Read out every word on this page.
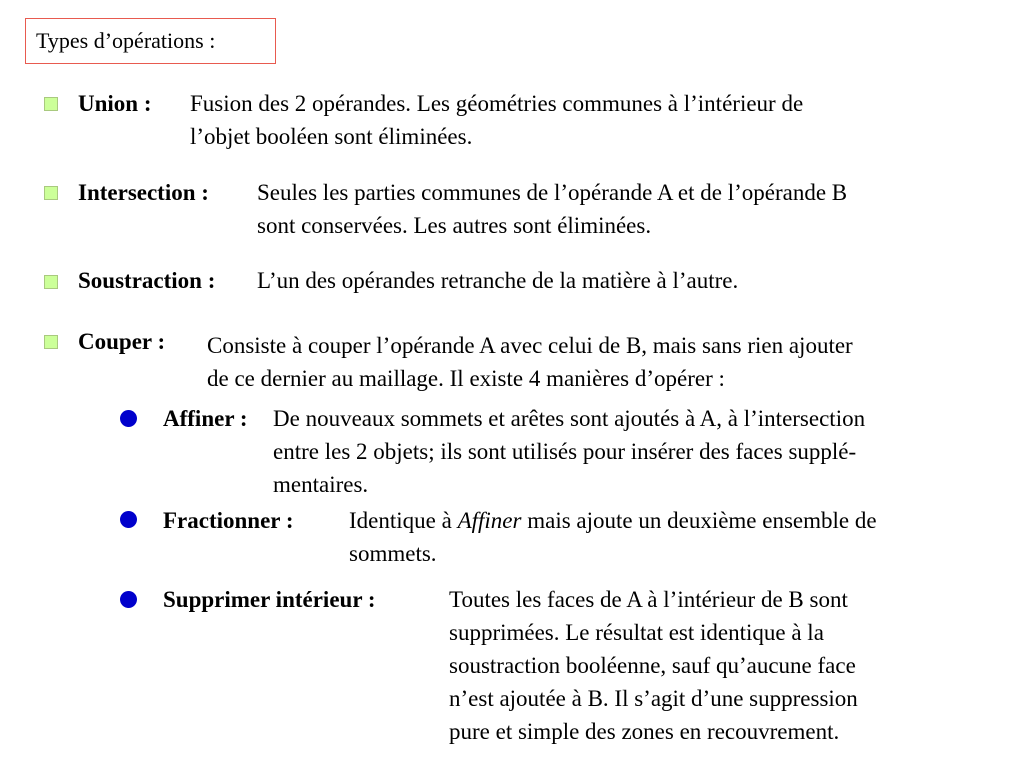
Types d’opérations :
Union : Fusion des 2 opérandes. Les géométries communes à l’intérieur de
l’objet booléen sont éliminées.
Intersection : Seules les parties communes de l’opérande A et de l’opérande B
sont conservées. Les autres sont éliminées.
Soustraction : L’un des opérandes retranche de la matière à l’autre.
Couper : Consiste à couper l’opérande A avec celui de B, mais sans rien ajouter
de ce dernier au maillage. Il existe 4 manières d’opérer :
Affiner : De nouveaux sommets et arêtes sont ajoutés à A, à l’intersection
entre les 2 objets; ils sont utilisés pour insérer des faces supplé-
mentaires.
Fractionner : Identique à Affiner mais ajoute un deuxième ensemble de
sommets.
Supprimer intérieur :	Toutes les faces de A à l’intérieur de B sont
supprimées. Le résultat est identique à la
soustraction booléenne, sauf qu’aucune face
n’est ajoutée à B. Il s’agit d’une suppression
pure et simple des zones en recouvrement.
